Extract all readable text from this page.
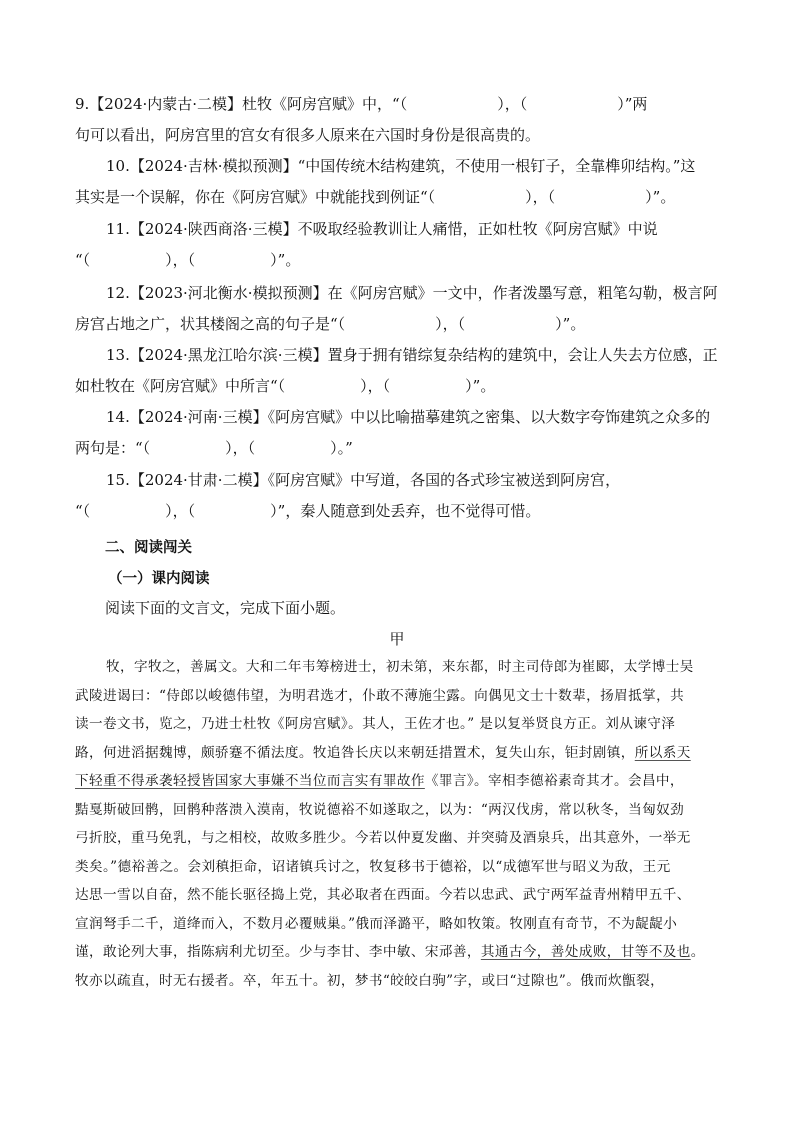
9.【2024·内蒙古·二模】杜牧《阿房宫赋》中，“（　　　　　　），（　　　　　　）”两
句可以看出，阿房宫里的宫女有很多人原来在六国时身份是很高贵的。
10.【2024·吉林·模拟预测】“中国传统木结构建筑，不使用一根钉子，全靠榫卯结构。”这
其实是一个误解，你在《阿房宫赋》中就能找到例证“（　　　　　　），（　　　　　　）”。
11.【2024·陕西商洛·三模】不吸取经验教训让人痛惜，正如杜牧《阿房宫赋》中说
“（　　　　　），（　　　　　）”。
12.【2023·河北衡水·模拟预测】在《阿房宫赋》一文中，作者泼墨写意，粗笔勾勒，极言阿
房宫占地之广，状其楼阁之高的句子是“（　　　　　　），（　　　　　　）”。
13.【2024·黑龙江哈尔滨·三模】置身于拥有错综复杂结构的建筑中，会让人失去方位感，正
如杜牧在《阿房宫赋》中所言“（　　　　　），（　　　　　）”。
14.【2024·河南·三模】《阿房宫赋》中以比喻描摹建筑之密集、以大数字夸饰建筑之众多的
两句是：“（　　　　　），（　　　　　）。”
15.【2024·甘肃·二模】《阿房宫赋》中写道，各国的各式珍宝被送到阿房宫，
“（　　　　　），（　　　　　）”，秦人随意到处丢弃，也不觉得可惜。
二、阅读闯关
（一）课内阅读
阅读下面的文言文，完成下面小题。
甲
牧，字牧之，善属文。大和二年韦筹榜进士，初未第，来东都，时主司侍郎为崔郾，太学博士吴
武陵进谒曰：“侍郎以峻德伟望，为明君选才，仆敢不薄施尘露。向偶见文士十数辈，扬眉抵掌，共
读一卷文书，览之，乃进士杜牧《阿房宫赋》。其人，王佐才也。” 是以复举贤良方正。刘从谏守泽
路，何进滔据魏博，颇骄蹇不循法度。牧追咎长庆以来朝廷措置术，复失山东，钜封剧镇，所以系天
下轻重不得承袭轻授皆国家大事嫌不当位而言实有罪故作《罪言》。宰相李德裕素奇其才。会昌中，
黠戛斯破回鹘，回鹘种落溃入漠南，牧说德裕不如遂取之，以为：“两汉伐虏，常以秋冬，当匈奴劲
弓折胶，重马免乳，与之相校，故败多胜少。今若以仲夏发幽、并突骑及酒泉兵，出其意外，一举无
类矣。”德裕善之。会刘稹拒命，诏诸镇兵讨之，牧复移书于德裕，以“成德军世与昭义为敌，王元
达思一雪以自奋，然不能长驱径捣上党，其必取者在西面。今若以忠武、武宁两军益青州精甲五千、
宣润弩手二千，道绛而入，不数月必覆贼巢。”俄而泽潞平，略如牧策。牧刚直有奇节，不为龊龊小
谨，敢论列大事，指陈病利尤切至。少与李甘、李中敏、宋邧善，其通古今，善处成败，甘等不及也。
牧亦以疏直，时无右援者。卒，年五十。初，梦书“皎皎白驹”字，或曰“过隙也”。俄而炊甑裂，
